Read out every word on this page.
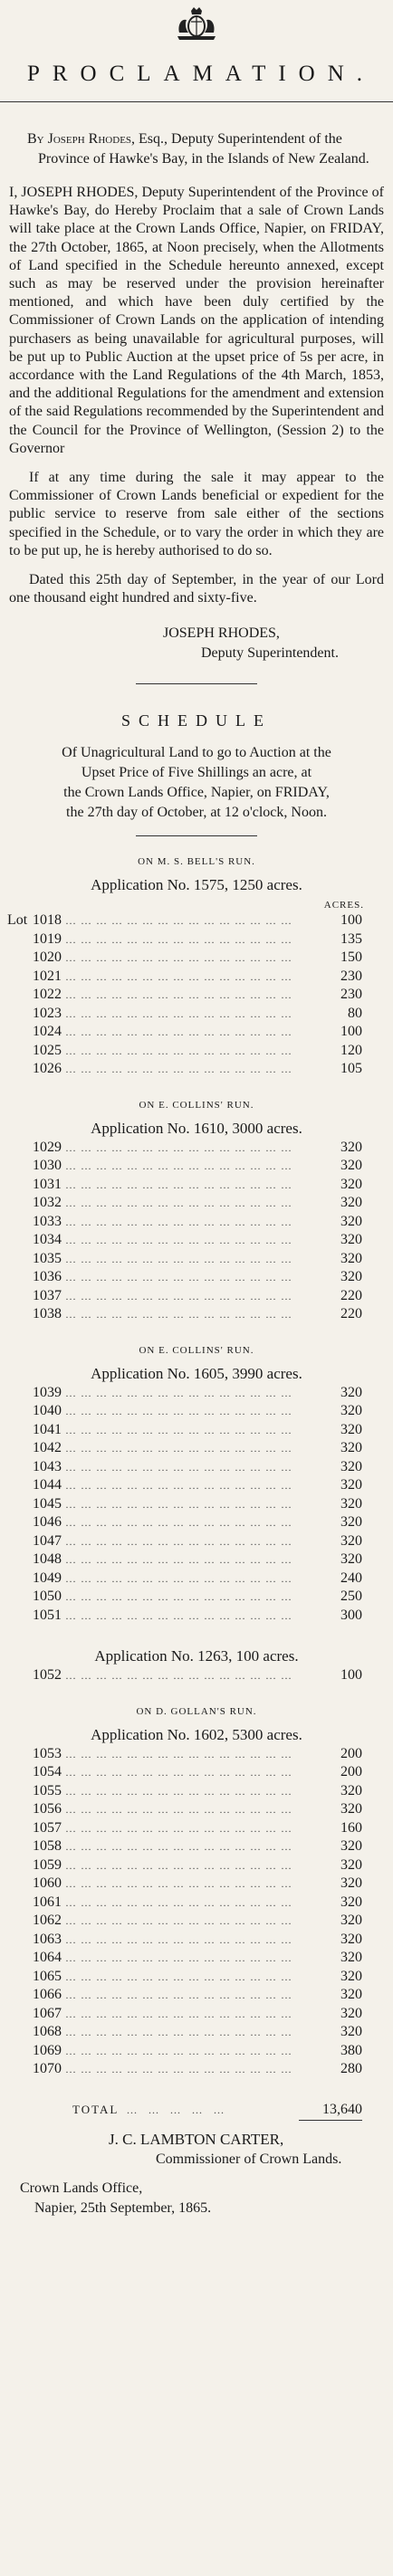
PROCLAMATION.
By Joseph Rhodes, Esq., Deputy Superintendent of the Province of Hawke's Bay, in the Islands of New Zealand.

I, JOSEPH RHODES, Deputy Superintendent of the Province of Hawke's Bay, do Hereby Proclaim that a sale of Crown Lands will take place at the Crown Lands Office, Napier, on FRIDAY, the 27th October, 1865, at Noon precisely, when the Allotments of Land specified in the Schedule hereunto annexed, except such as may be reserved under the provision hereinafter mentioned, and which have been duly certified by the Commissioner of Crown Lands on the application of intending purchasers as being unavailable for agricultural purposes, will be put up to Public Auction at the upset price of 5s per acre, in accordance with the Land Regulations of the 4th March, 1853, and the additional Regulations for the amendment and extension of the said Regulations recommended by the Superintendent and the Council for the Province of Wellington, (Session 2) to the Governor

If at any time during the sale it may appear to the Commissioner of Crown Lands beneficial or expedient for the public service to reserve from sale either of the sections specified in the Schedule, or to vary the order in which they are to be put up, he is hereby authorised to do so.

Dated this 25th day of September, in the year of our Lord one thousand eight hundred and sixty-five.

JOSEPH RHODES,
Deputy Superintendent.
SCHEDULE
Of Unagricultural Land to go to Auction at the
Upset Price of Five Shillings an acre, at
the Crown Lands Office, Napier, on FRIDAY,
the 27th day of October, at 12 o'clock, Noon.
ON M. S. BELL'S RUN.
Application No. 1575, 1250 acres.
ACRES.
Lot 1018 … … … … … … … … … … … … … … …	100
1019 … … … … … … … … … … … … … … …	135
1020 … … … … … … … … … … … … … … …	150
1021 … … … … … … … … … … … … … … …	230
1022 … … … … … … … … … … … … … … …	230
1023 … … … … … … … … … … … … … … …	80
1024 … … … … … … … … … … … … … … …	100
1025 … … … … … … … … … … … … … … …	120
1026 … … … … … … … … … … … … … … …	105
ON E. COLLINS' RUN.
Application No. 1610, 3000 acres.
1029 … … … … … … … … … … … … … … …	320
1030 … … … … … … … … … … … … … … …	320
1031 … … … … … … … … … … … … … … …	320
1032 … … … … … … … … … … … … … … …	320
1033 … … … … … … … … … … … … … … …	320
1034 … … … … … … … … … … … … … … …	320
1035 … … … … … … … … … … … … … … …	320
1036 … … … … … … … … … … … … … … …	320
1037 … … … … … … … … … … … … … … …	220
1038 … … … … … … … … … … … … … … …	220
ON E. COLLINS' RUN.
Application No. 1605, 3990 acres.
1039 … … … … … … … … … … … … … … …	320
1040 … … … … … … … … … … … … … … …	320
1041 … … … … … … … … … … … … … … …	320
1042 … … … … … … … … … … … … … … …	320
1043 … … … … … … … … … … … … … … …	320
1044 … … … … … … … … … … … … … … …	320
1045 … … … … … … … … … … … … … … …	320
1046 … … … … … … … … … … … … … … …	320
1047 … … … … … … … … … … … … … … …	320
1048 … … … … … … … … … … … … … … …	320
1049 … … … … … … … … … … … … … … …	240
1050 … … … … … … … … … … … … … … …	250
1051 … … … … … … … … … … … … … … …	300
Application No. 1263, 100 acres.
1052 … … … … … … … … … … … … … … …	100
ON D. GOLLAN'S RUN.
Application No. 1602, 5300 acres.
1053 … … … … … … … … … … … … … … …	200
1054 … … … … … … … … … … … … … … …	200
1055 … … … … … … … … … … … … … … …	320
1056 … … … … … … … … … … … … … … …	320
1057 … … … … … … … … … … … … … … …	160
1058 … … … … … … … … … … … … … … …	320
1059 … … … … … … … … … … … … … … …	320
1060 … … … … … … … … … … … … … … …	320
1061 … … … … … … … … … … … … … … …	320
1062 … … … … … … … … … … … … … … …	320
1063 … … … … … … … … … … … … … … …	320
1064 … … … … … … … … … … … … … … …	320
1065 … … … … … … … … … … … … … … …	320
1066 … … … … … … … … … … … … … … …	320
1067 … … … … … … … … … … … … … … …	320
1068 … … … … … … … … … … … … … … …	320
1069 … … … … … … … … … … … … … … …	380
1070 … … … … … … … … … … … … … … …	280
TOTAL ...   ...   ...   ...   ...	13,640
J. C. LAMBTON CARTER,
Commissioner of Crown Lands.
Crown Lands Office,
Napier, 25th September, 1865.
